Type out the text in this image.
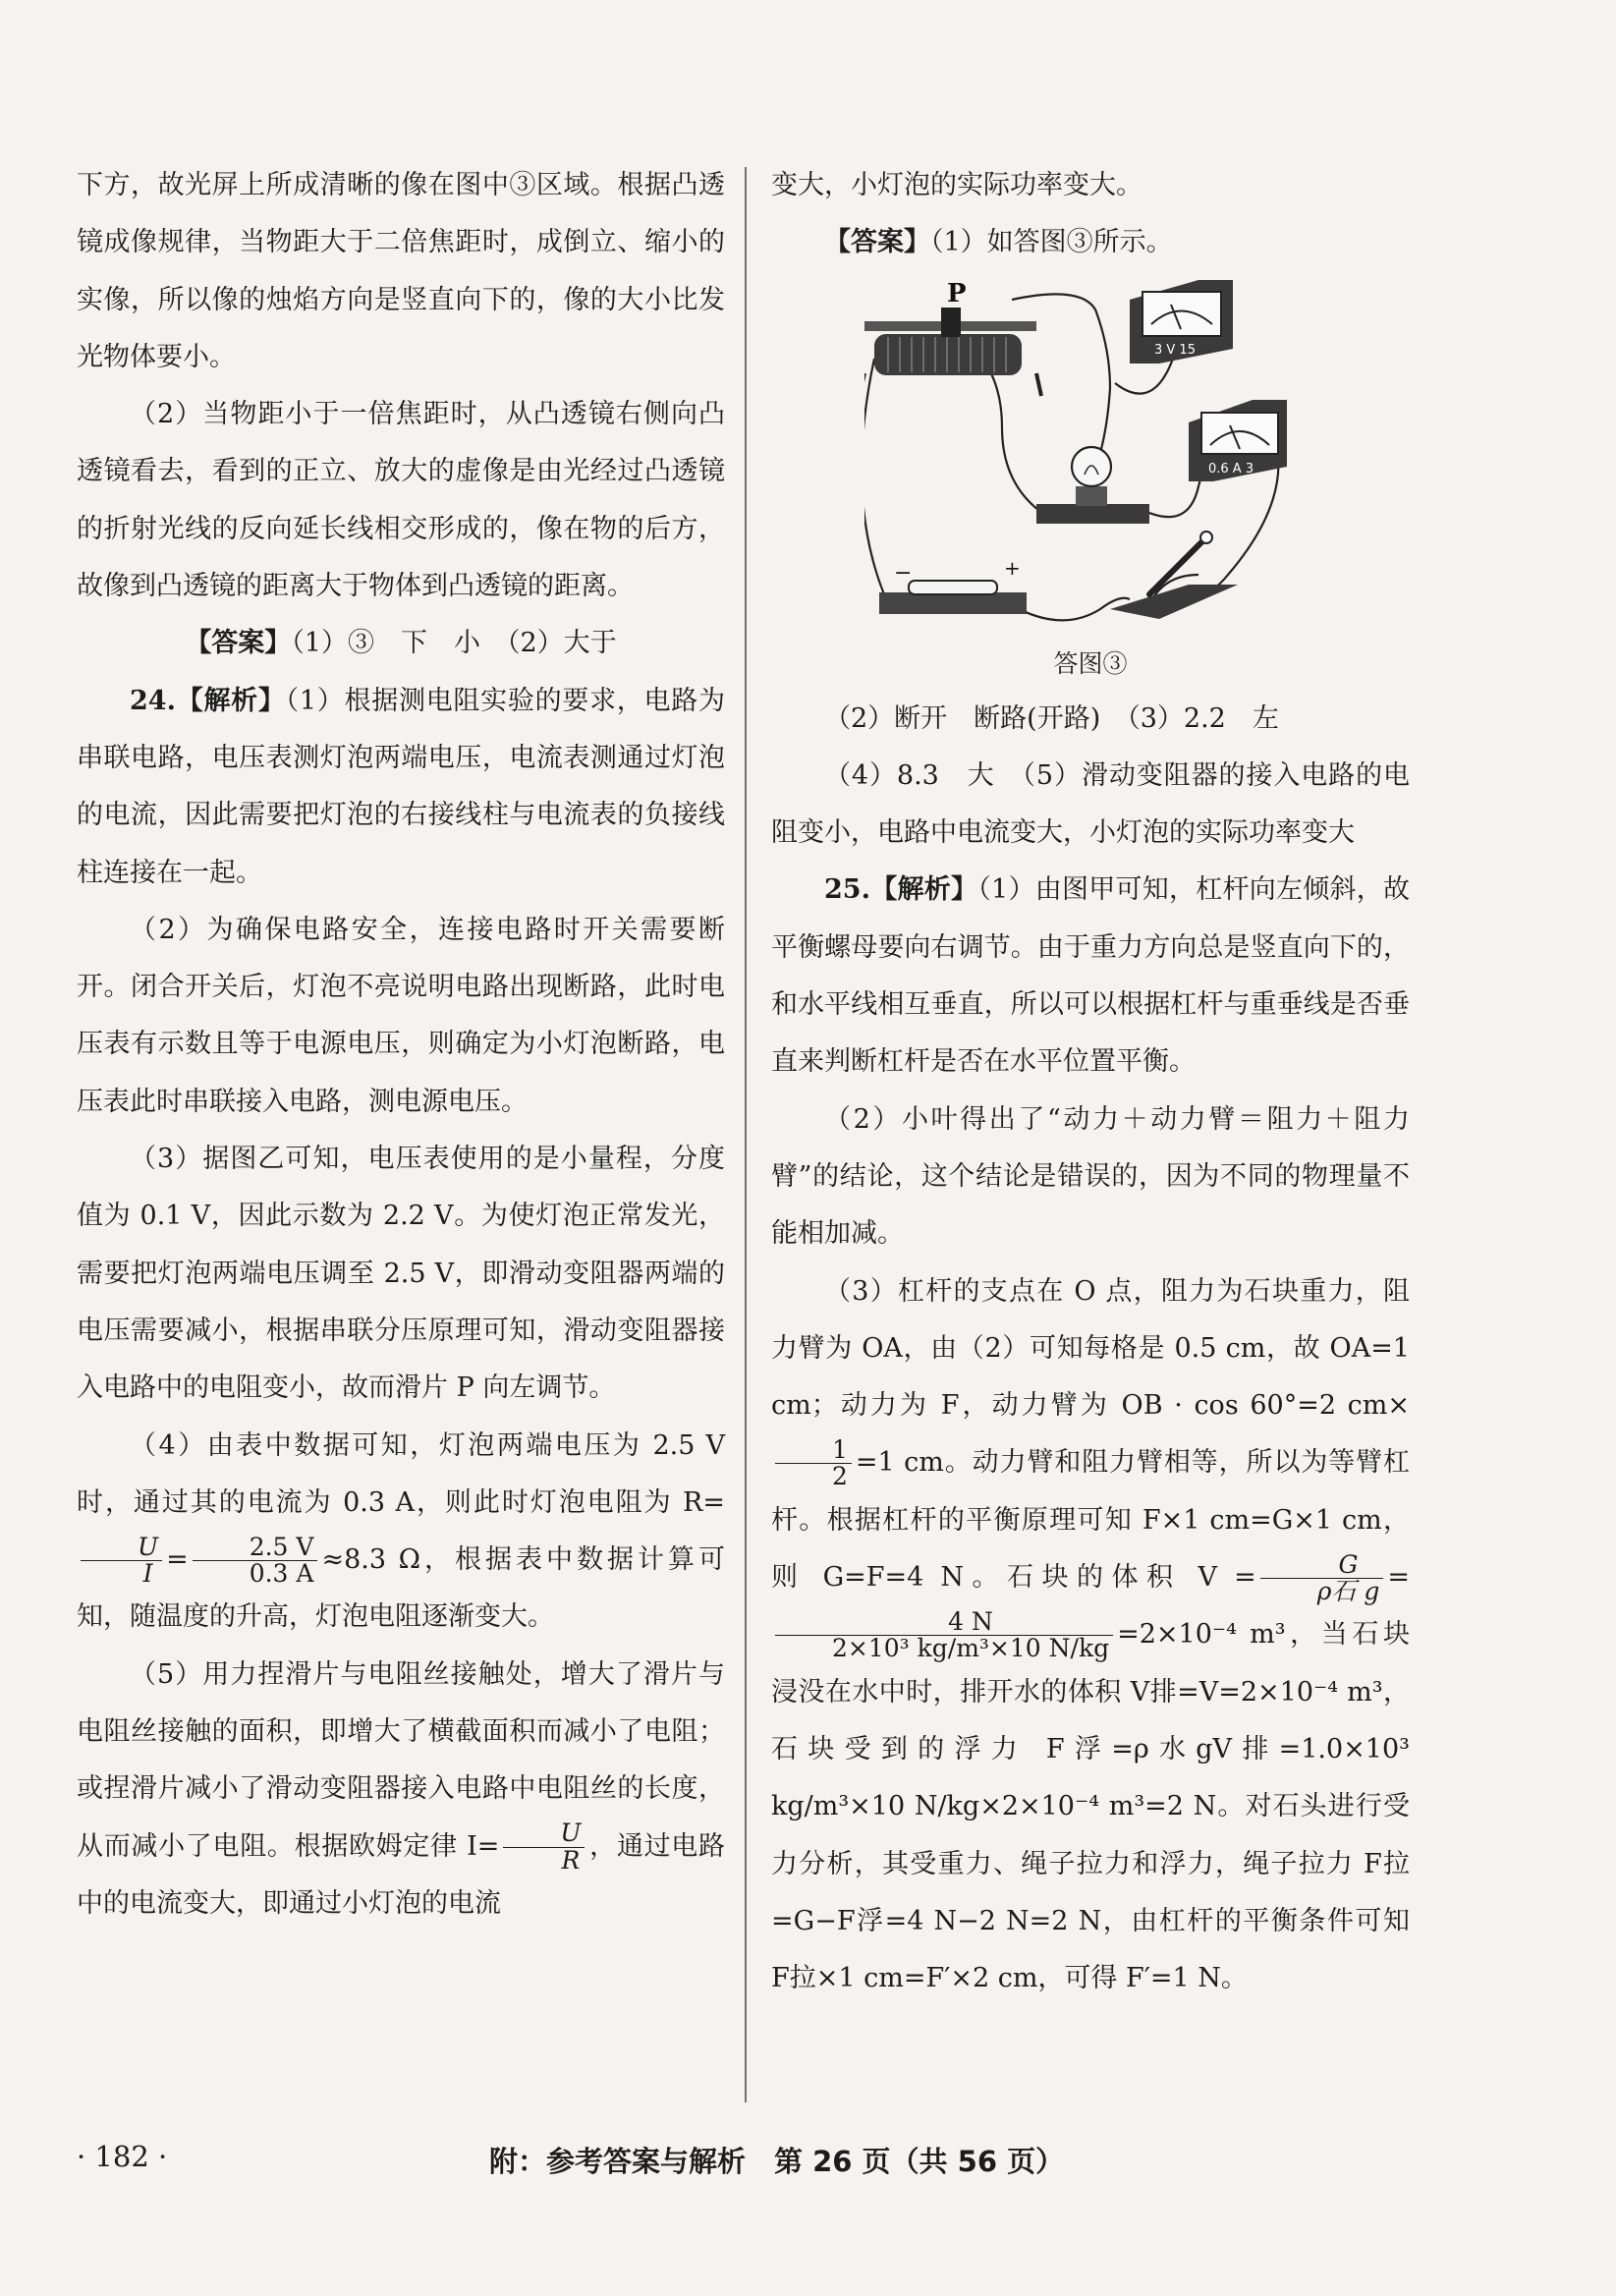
下方，故光屏上所成清晰的像在图中③区域。根据凸透镜成像规律，当物距大于二倍焦距时，成倒立、缩小的实像，所以像的烛焰方向是竖直向下的，像的大小比发光物体要小。

（2）当物距小于一倍焦距时，从凸透镜右侧向凸透镜看去，看到的正立、放大的虚像是由光经过凸透镜的折射光线的反向延长线相交形成的，像在物的后方，故像到凸透镜的距离大于物体到凸透镜的距离。

【答案】（1）③　下　小　（2）大于

24.【解析】（1）根据测电阻实验的要求，电路为串联电路，电压表测灯泡两端电压，电流表测通过灯泡的电流，因此需要把灯泡的右接线柱与电流表的负接线柱连接在一起。

（2）为确保电路安全，连接电路时开关需要断开。闭合开关后，灯泡不亮说明电路出现断路，此时电压表有示数且等于电源电压，则确定为小灯泡断路，电压表此时串联接入电路，测电源电压。

（3）据图乙可知，电压表使用的是小量程，分度值为 0.1 V，因此示数为 2.2 V。为使灯泡正常发光，需要把灯泡两端电压调至 2.5 V，即滑动变阻器两端的电压需要减小，根据串联分压原理可知，滑动变阻器接入电路中的电阻变小，故而滑片 P 向左调节。

（4）由表中数据可知，灯泡两端电压为 2.5 V 时，通过其的电流为 0.3 A，则此时灯泡电阻为 R=
$\frac{U}{I} = \frac{2.5 V}{0.3 A} \approx 8.3$ Ω，根据表中数据计算可知，随温度的升高，灯泡电阻逐渐变大。

（5）用力捏滑片与电阻丝接触处，增大了滑片与电阻丝接触的面积，即增大了横截面积而减小了电阻；或捏滑片减小了滑动变阻器接入电路中电阻丝的长度，从而减小了电阻。根据欧姆定律 $I= \frac{U}{R}$ ，通过电路中的电流变大，即通过小灯泡的电流

变大，小灯泡的实际功率变大。

【答案】（1）如答图③所示。

P
3 V 15
0.6 A 3
−	+
答图③

（2）断开　断路(开路)　（3）2.2　左

（4）8.3　大　（5）滑动变阻器的接入电路的电阻变小，电路中电流变大，小灯泡的实际功率变大

25.【解析】（1）由图甲可知，杠杆向左倾斜，故平衡螺母要向右调节。由于重力方向总是竖直向下的，和水平线相互垂直，所以可以根据杠杆与重垂线是否垂直来判断杠杆是否在水平位置平衡。

（2）小叶得出了“动力＋动力臂＝阻力＋阻力臂”的结论，这个结论是错误的，因为不同的物理量不能相加减。

（3）杠杆的支点在 O 点，阻力为石块重力，阻力臂为 OA，由（2）可知每格是 0.5 cm，故 OA=1 cm；动力为 F，动力臂为 OB · cos 60°=2 cm×
$\frac{1}{2} =1$ cm。动力臂和阻力臂相等，所以为等臂杠杆。根据杠杆的平衡原理可知 F×1 cm=G×1 cm，则 G=F=4 N。石块的体积 $V = \frac{G}{\text{ρ石 g}}$ =
$\frac{4 N}{\text{2×10³ kg/m³×10 N/kg}} =2\times 10^{-4}$ m³，当石块浸没在水中时，排开水的体积 V排=V=2×10⁻⁴ m³，石块受到的浮力 F浮=ρ水gV排=1.0×10³ kg/m³×10 N/kg×2×10⁻⁴ m³=2 N。对石头进行受力分析，其受重力、绳子拉力和浮力，绳子拉力 F拉=G−F浮=4 N−2 N=2 N，由杠杆的平衡条件可知 F拉×1 cm=F′×2 cm，可得 F′=1 N。

· 182 ·	附：参考答案与解析　第 26 页（共 56 页）
